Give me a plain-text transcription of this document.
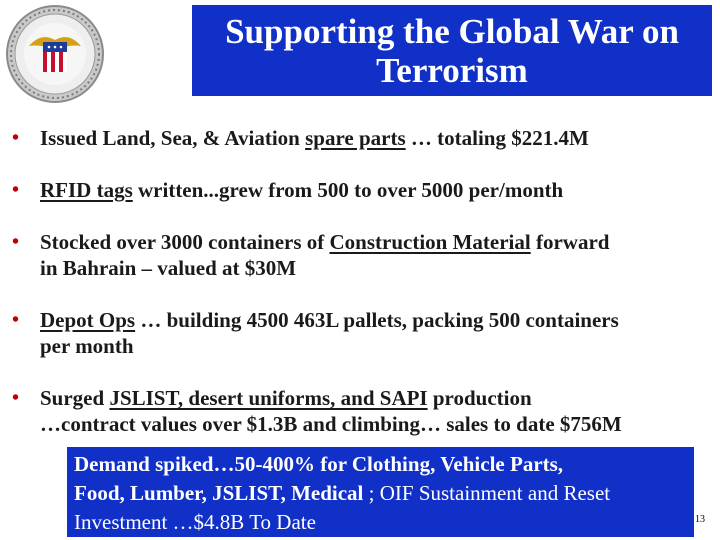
Supporting the Global War on
Terrorism
• Issued Land, Sea, & Aviation spare parts … totaling $221.4M
• RFID tags written...grew from 500 to over 5000 per/month
• Stocked over 3000 containers of Construction Material forward
in Bahrain – valued at $30M
• Depot Ops … building 4500 463L pallets, packing 500 containers
per month
• Surged JSLIST, desert uniforms, and SAPI production
…contract values over $1.3B and climbing… sales to date $756M
Demand spiked…50-400% for Clothing, Vehicle Parts,
Food, Lumber, JSLIST, Medical ; OIF Sustainment and Reset
Investment …$4.8B To Date	13
